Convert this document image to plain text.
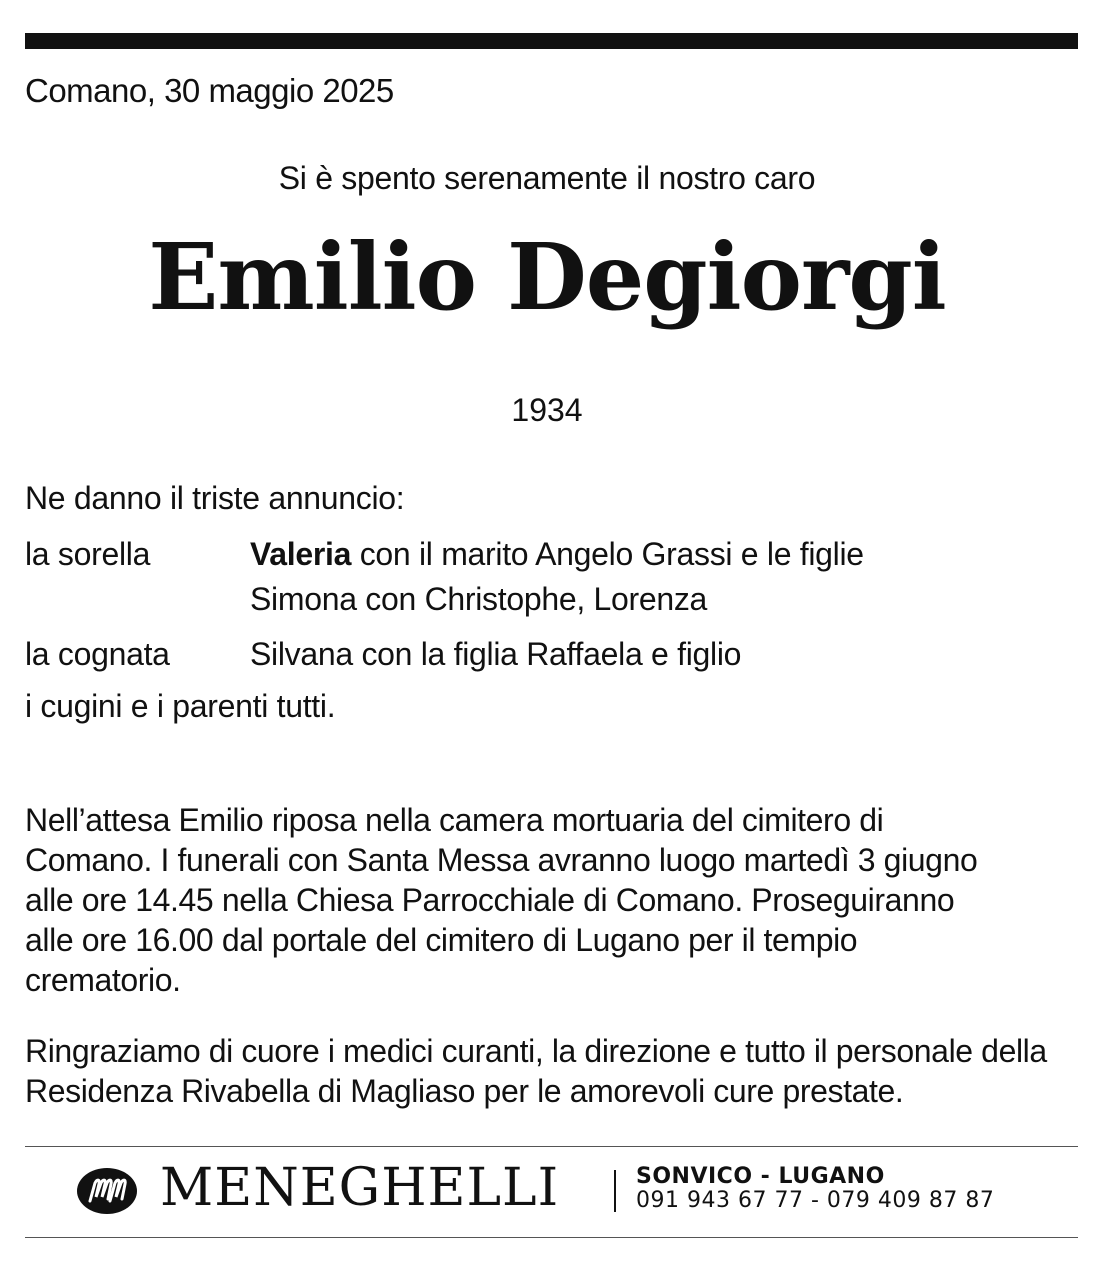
Comano, 30 maggio 2025
Si è spento serenamente il nostro caro
Emilio Degiorgi
1934
Ne danno il triste annuncio:
la sorella	Valeria con il marito Angelo Grassi e le figlie
Simona con Christophe, Lorenza
la cognata	Silvana con la figlia Raffaela e figlio
i cugini e i parenti tutti.
Nell’attesa Emilio riposa nella camera mortuaria del cimitero di Comano. I funerali con Santa Messa avranno luogo martedì 3 giugno alle ore 14.45 nella Chiesa Parrocchiale di Comano. Proseguiranno alle ore 16.00 dal portale del cimitero di Lugano per il tempio crematorio.
Ringraziamo di cuore i medici curanti, la direzione e tutto il personale della Residenza Rivabella di Magliaso per le amorevoli cure prestate.
MENEGHELLI	SONVICO - LUGANO
091 943 67 77 - 079 409 87 87
